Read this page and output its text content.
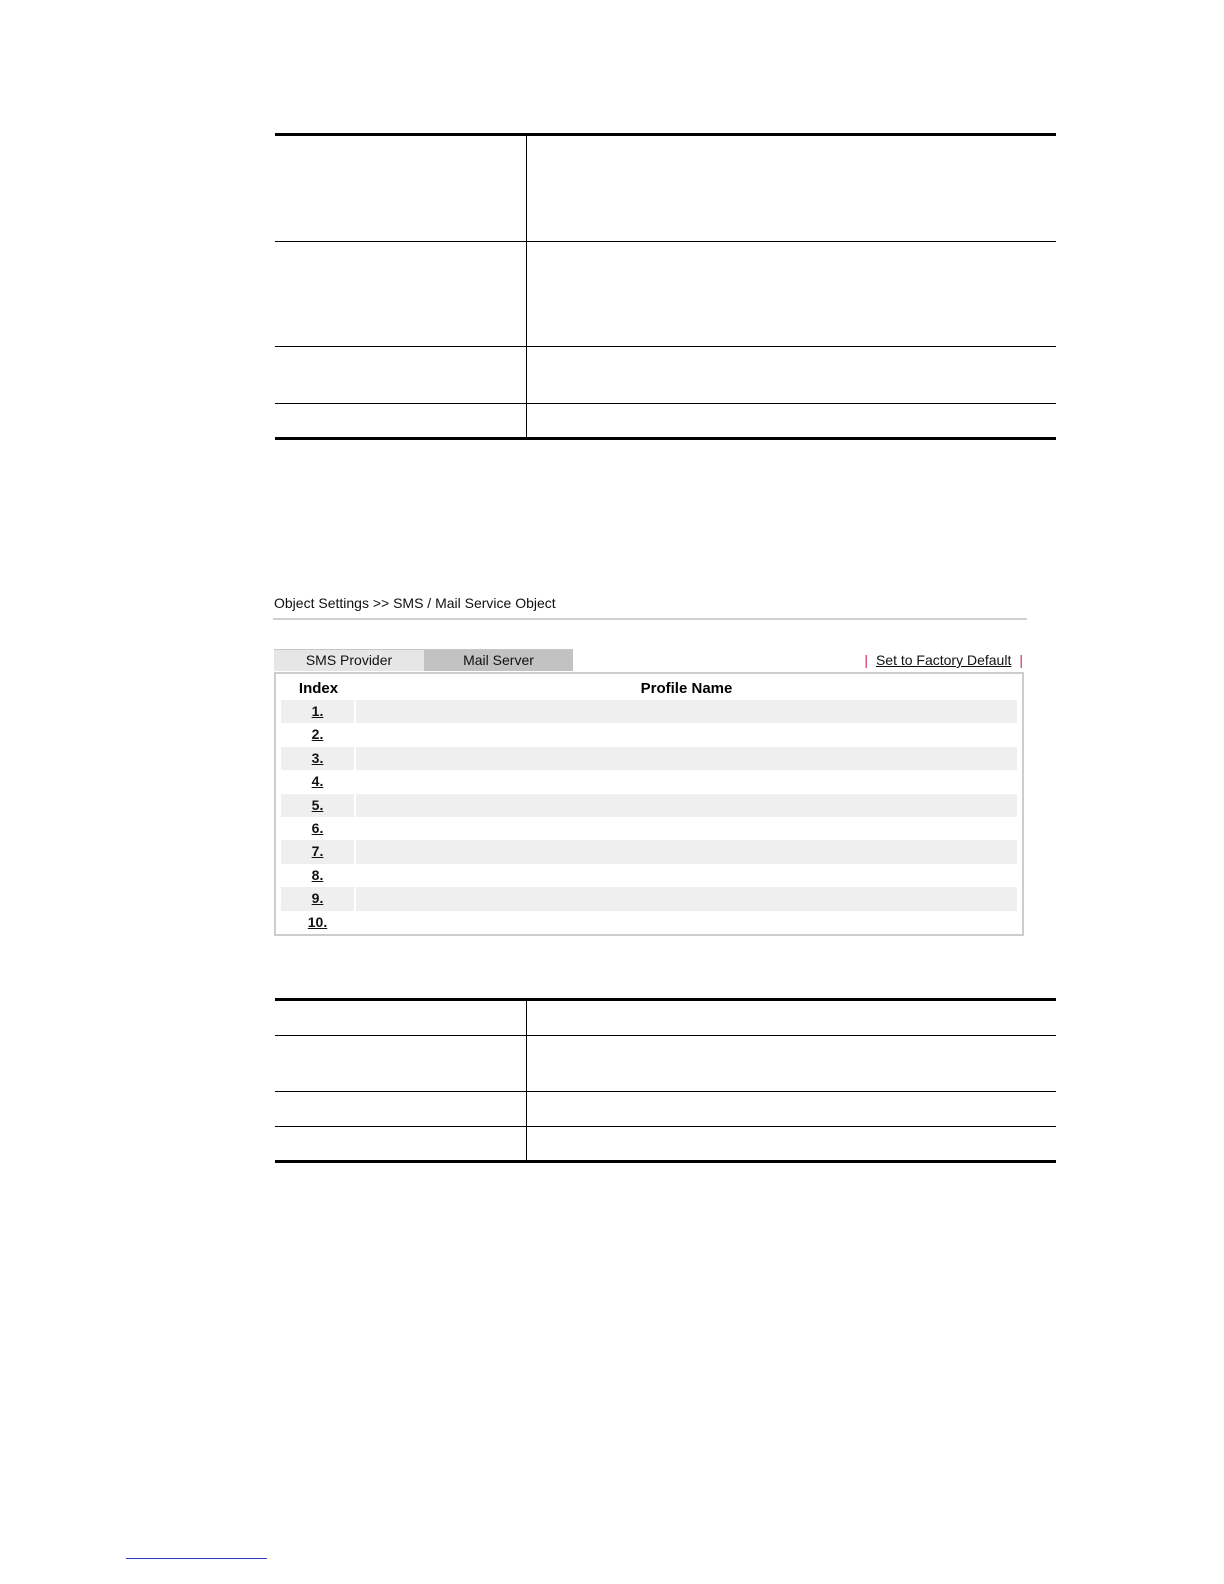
Object Settings >> SMS / Mail Service Object
SMS Provider	Mail Server	| Set to Factory Default |
Index	Profile Name
1.
2.
3.
4.
5.
6.
7.
8.
9.
10.
